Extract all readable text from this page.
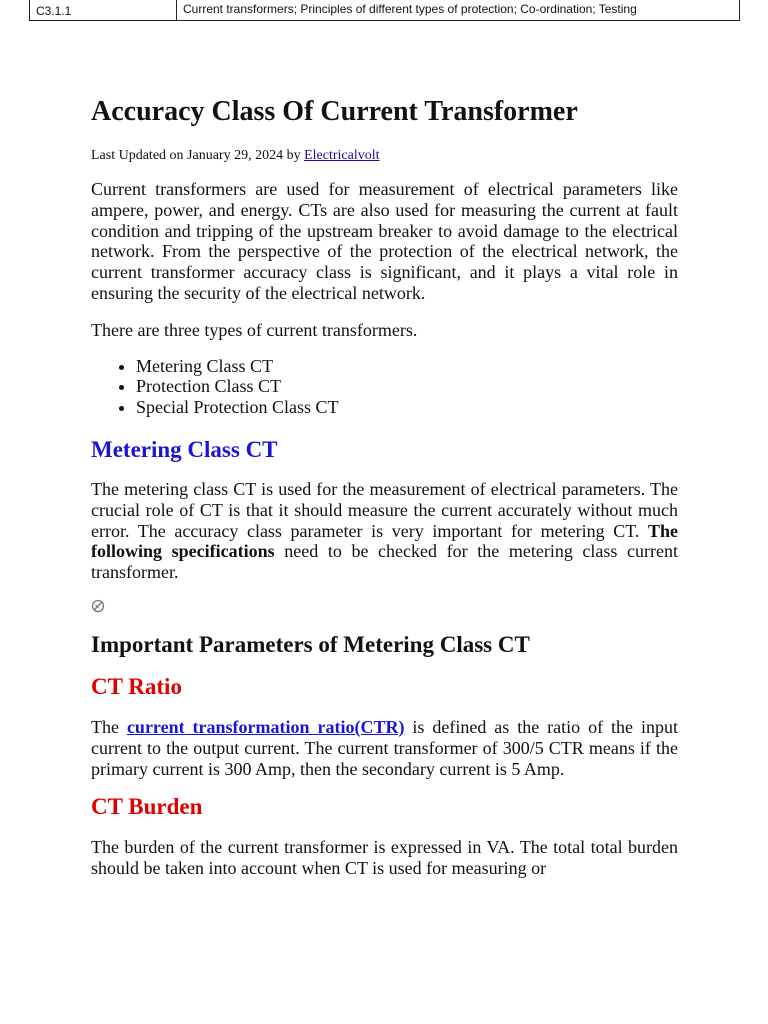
C3.1.1	Current transformers; Principles of different types of protection; Co-ordination; Testing
Accuracy Class Of Current Transformer
Last Updated on January 29, 2024 by Electricalvolt

Current transformers are used for measurement of electrical parameters like ampere, power, and energy. CTs are also used for measuring the current at fault condition and tripping of the upstream breaker to avoid damage to the electrical network. From the perspective of the protection of the electrical network, the current transformer accuracy class is significant, and it plays a vital role in ensuring the security of the electrical network.

There are three types of current transformers.

• Metering Class CT
• Protection Class CT
• Special Protection Class CT
Metering Class CT

The metering class CT is used for the measurement of electrical parameters. The crucial role of CT is that it should measure the current accurately without much error. The accuracy class parameter is very important for metering CT. The following specifications need to be checked for the metering class current transformer.

Important Parameters of Metering Class CT
CT Ratio

The current transformation ratio(CTR) is defined as the ratio of the input current to the output current. The current transformer of 300/5 CTR means if the primary current is 300 Amp, then the secondary current is 5 Amp.

CT Burden

The burden of the current transformer is expressed in VA. The total total burden should be taken into account when CT is used for measuring or
